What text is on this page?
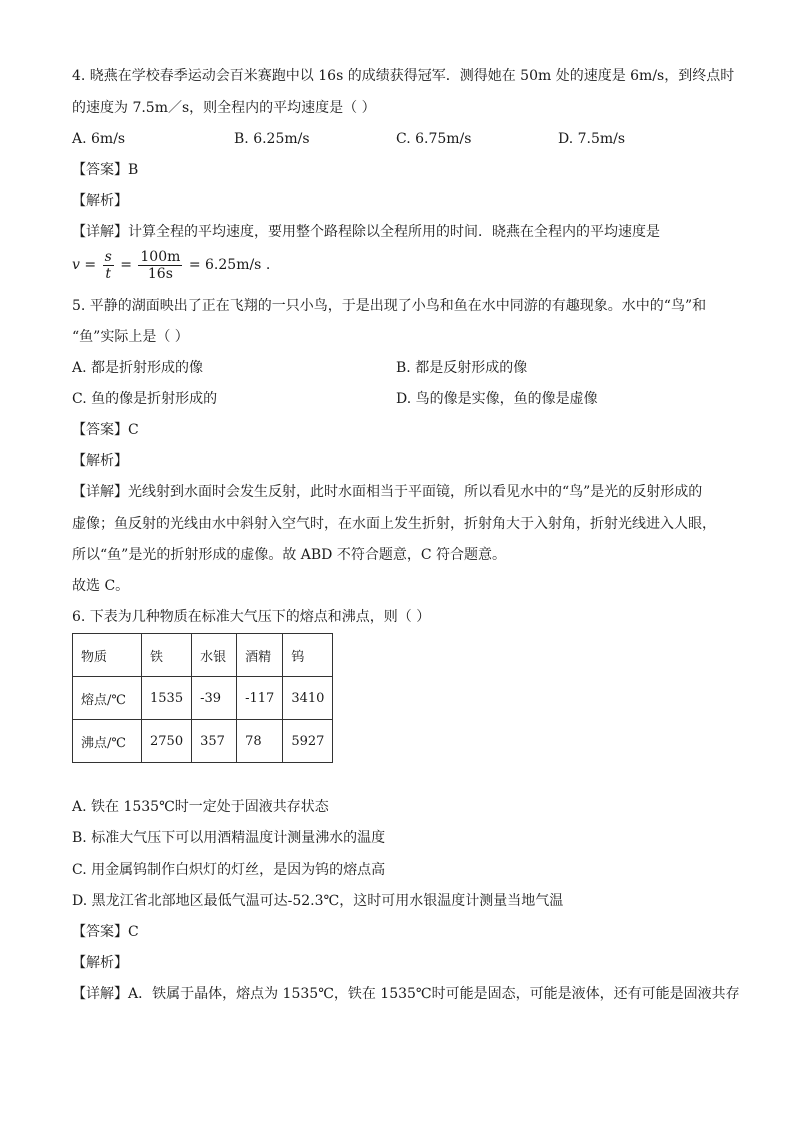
4. 晓燕在学校春季运动会百米赛跑中以 16s 的成绩获得冠军．测得她在 50m 处的速度是 6m/s，到终点时
的速度为 7.5m／s，则全程内的平均速度是（ ）
A. 6m/s	B. 6.25m/s	C. 6.75m/s	D. 7.5m/s
【答案】B
【解析】
【详解】计算全程的平均速度，要用整个路程除以全程所用的时间．晓燕在全程内的平均速度是
$v = \frac{s}{t} = \frac{100m}{16s} = 6.25m/s$ .
5. 平静的湖面映出了正在飞翔的一只小鸟，于是出现了小鸟和鱼在水中同游的有趣现象。水中的“鸟”和
“鱼”实际上是（ ）
A. 都是折射形成的像	B. 都是反射形成的像
C. 鱼的像是折射形成的	D. 鸟的像是实像，鱼的像是虚像
【答案】C
【解析】
【详解】光线射到水面时会发生反射，此时水面相当于平面镜，所以看见水中的“鸟”是光的反射形成的
虚像；鱼反射的光线由水中斜射入空气时，在水面上发生折射，折射角大于入射角，折射光线进入人眼，
所以“鱼”是光的折射形成的虚像。故 ABD 不符合题意，C 符合题意。
故选 C。
6. 下表为几种物质在标准大气压下的熔点和沸点，则（ ）
物质	铁	水银	酒精	钨
熔点/℃	1535	-39	-117	3410
沸点/℃	2750	357	78	5927
A. 铁在 1535℃时一定处于固液共存状态
B. 标准大气压下可以用酒精温度计测量沸水的温度
C. 用金属钨制作白炽灯的灯丝，是因为钨的熔点高
D. 黑龙江省北部地区最低气温可达-52.3℃，这时可用水银温度计测量当地气温
【答案】C
【解析】
【详解】A．铁属于晶体，熔点为 1535℃，铁在 1535℃时可能是固态，可能是液体，还有可能是固液共存
